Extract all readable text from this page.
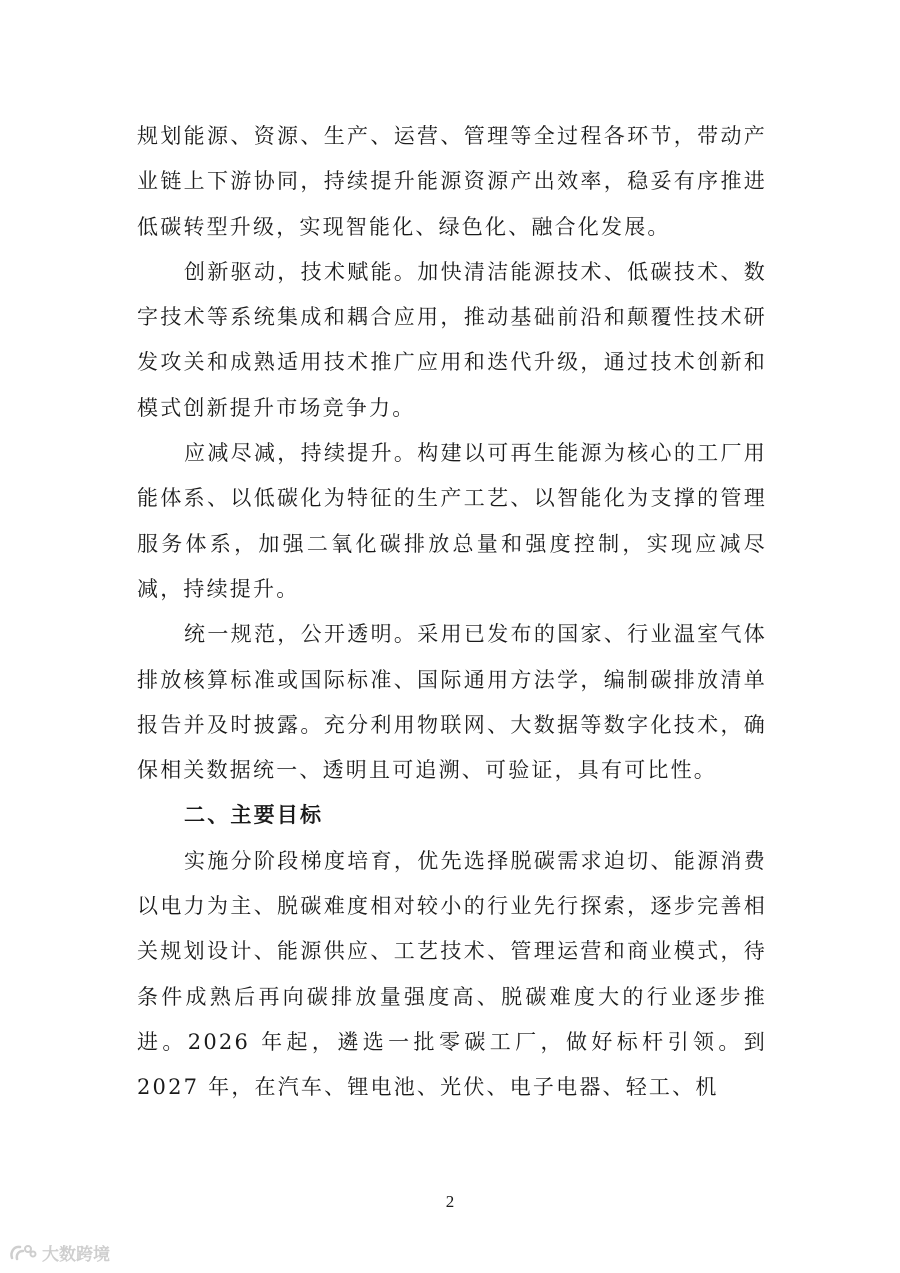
规划能源、资源、生产、运营、管理等全过程各环节，带动产业链上下游协同，持续提升能源资源产出效率，稳妥有序推进低碳转型升级，实现智能化、绿色化、融合化发展。

创新驱动，技术赋能。加快清洁能源技术、低碳技术、数字技术等系统集成和耦合应用，推动基础前沿和颠覆性技术研发攻关和成熟适用技术推广应用和迭代升级，通过技术创新和模式创新提升市场竞争力。

应减尽减，持续提升。构建以可再生能源为核心的工厂用能体系、以低碳化为特征的生产工艺、以智能化为支撑的管理服务体系，加强二氧化碳排放总量和强度控制，实现应减尽减，持续提升。

统一规范，公开透明。采用已发布的国家、行业温室气体排放核算标准或国际标准、国际通用方法学，编制碳排放清单报告并及时披露。充分利用物联网、大数据等数字化技术，确保相关数据统一、透明且可追溯、可验证，具有可比性。

二、主要目标

实施分阶段梯度培育，优先选择脱碳需求迫切、能源消费以电力为主、脱碳难度相对较小的行业先行探索，逐步完善相关规划设计、能源供应、工艺技术、管理运营和商业模式，待条件成熟后再向碳排放量强度高、脱碳难度大的行业逐步推进。2026 年起，遴选一批零碳工厂，做好标杆引领。到 2027 年，在汽车、锂电池、光伏、电子电器、轻工、机

2
大数跨境
